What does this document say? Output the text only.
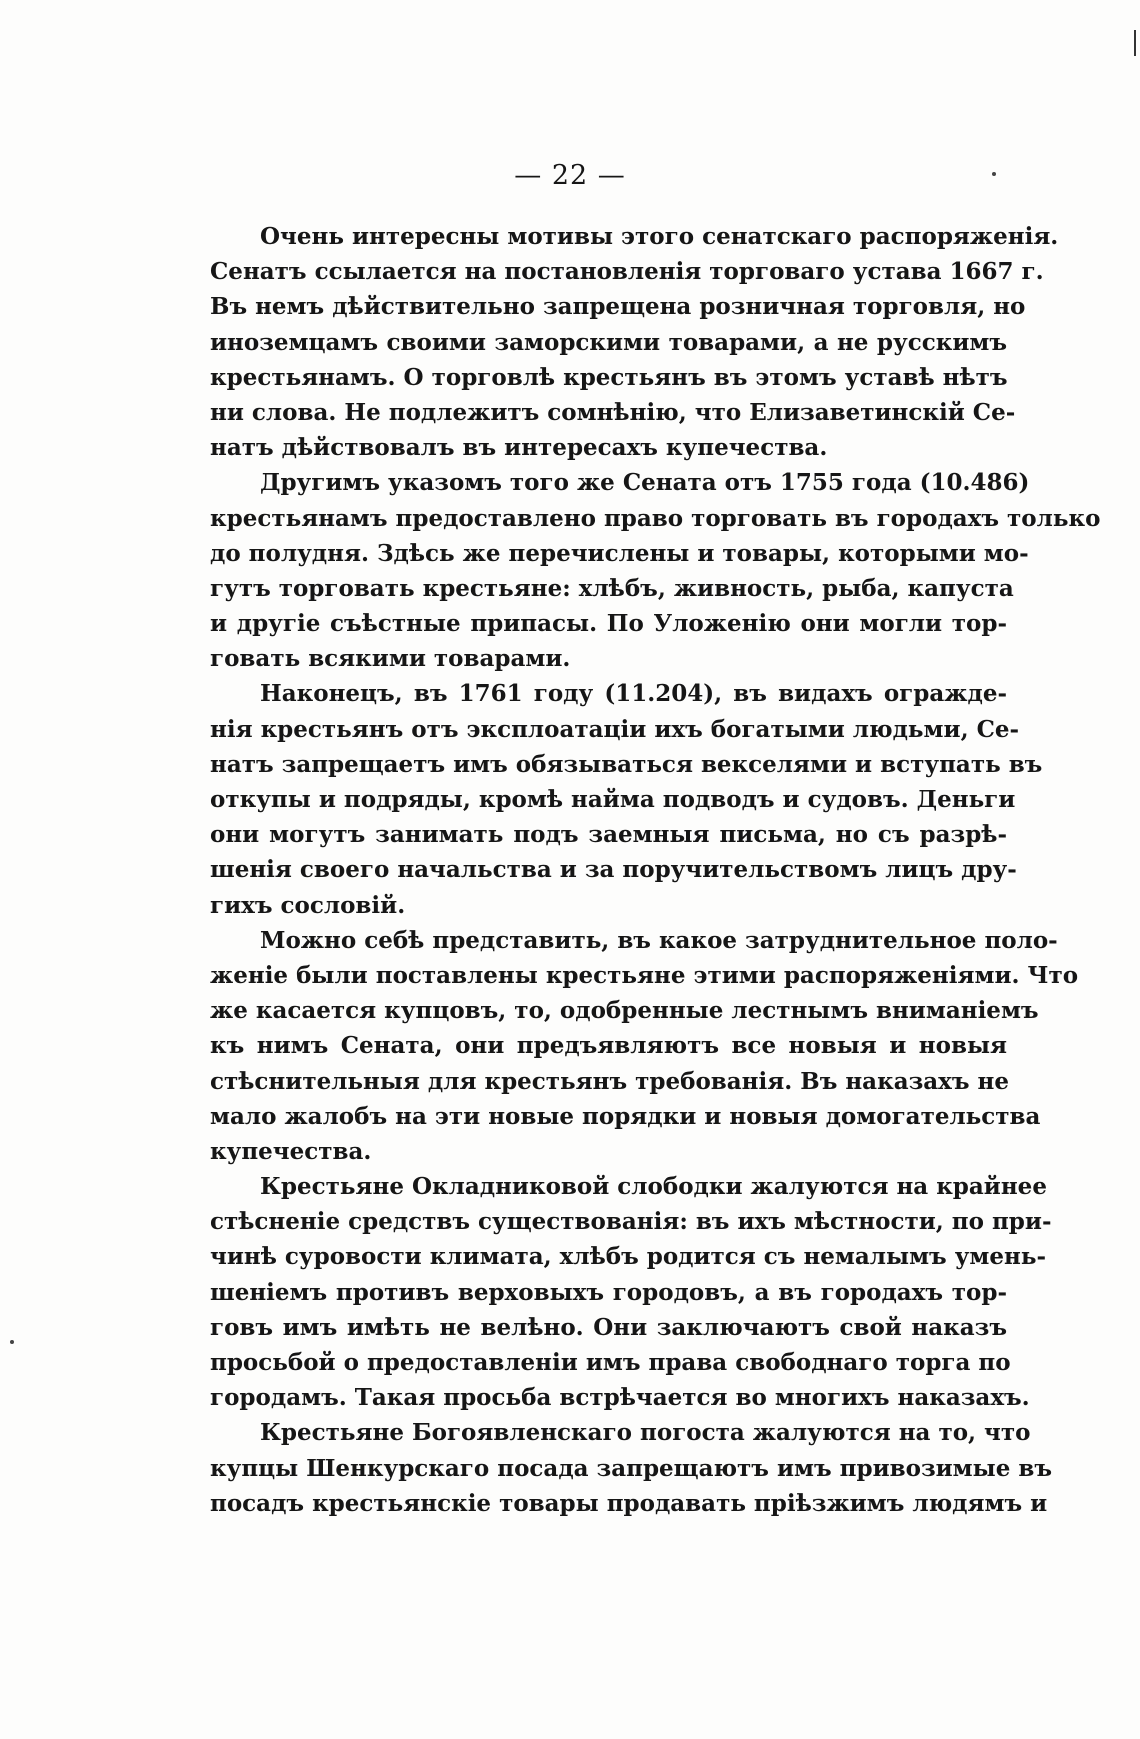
— 22 —
Очень интересны мотивы этого сенатскаго распоряженія.
Сенатъ ссылается на постановленія торговаго устава 1667 г.
Въ немъ дѣйствительно запрещена розничная торговля, но
иноземцамъ своими заморскими товарами, а не русскимъ
крестьянамъ. О торговлѣ крестьянъ въ этомъ уставѣ нѣтъ
ни слова. Не подлежитъ сомнѣнію, что Елизаветинскій Се-
натъ дѣйствовалъ въ интересахъ купечества.
Другимъ указомъ того же Сената отъ 1755 года (10.486)
крестьянамъ предоставлено право торговать въ городахъ только
до полудня. Здѣсь же перечислены и товары, которыми мо-
гутъ торговать крестьяне: хлѣбъ, живность, рыба, капуста
и другіе съѣстные припасы. По Уложенію они могли тор-
говать всякими товарами.
Наконецъ, въ 1761 году (11.204), въ видахъ огражде-
нія крестьянъ отъ эксплоатаціи ихъ богатыми людьми, Се-
натъ запрещаетъ имъ обязываться векселями и вступать въ
откупы и подряды, кромѣ найма подводъ и судовъ. Деньги
они могутъ занимать подъ заемныя письма, но съ разрѣ-
шенія своего начальства и за поручительствомъ лицъ дру-
гихъ сословій.
Можно себѣ представить, въ какое затруднительное поло-
женіе были поставлены крестьяне этими распоряженіями. Что
же касается купцовъ, то, одобренные лестнымъ вниманіемъ
къ нимъ Сената, они предъявляютъ все новыя и новыя
стѣснительныя для крестьянъ требованія. Въ наказахъ не
мало жалобъ на эти новые порядки и новыя домогательства
купечества.
Крестьяне Окладниковой слободки жалуются на крайнее
стѣсненіе средствъ существованія: въ ихъ мѣстности, по при-
чинѣ суровости климата, хлѣбъ родится съ немалымъ умень-
шеніемъ противъ верховыхъ городовъ, а въ городахъ тор-
говъ имъ имѣть не велѣно. Они заключаютъ свой наказъ
просьбой о предоставленіи имъ права свободнаго торга по
городамъ. Такая просьба встрѣчается во многихъ наказахъ.
Крестьяне Богоявленскаго погоста жалуются на то, что
купцы Шенкурскаго посада запрещаютъ имъ привозимые въ
посадъ крестьянскіе товары продавать пріѣзжимъ людямъ и
